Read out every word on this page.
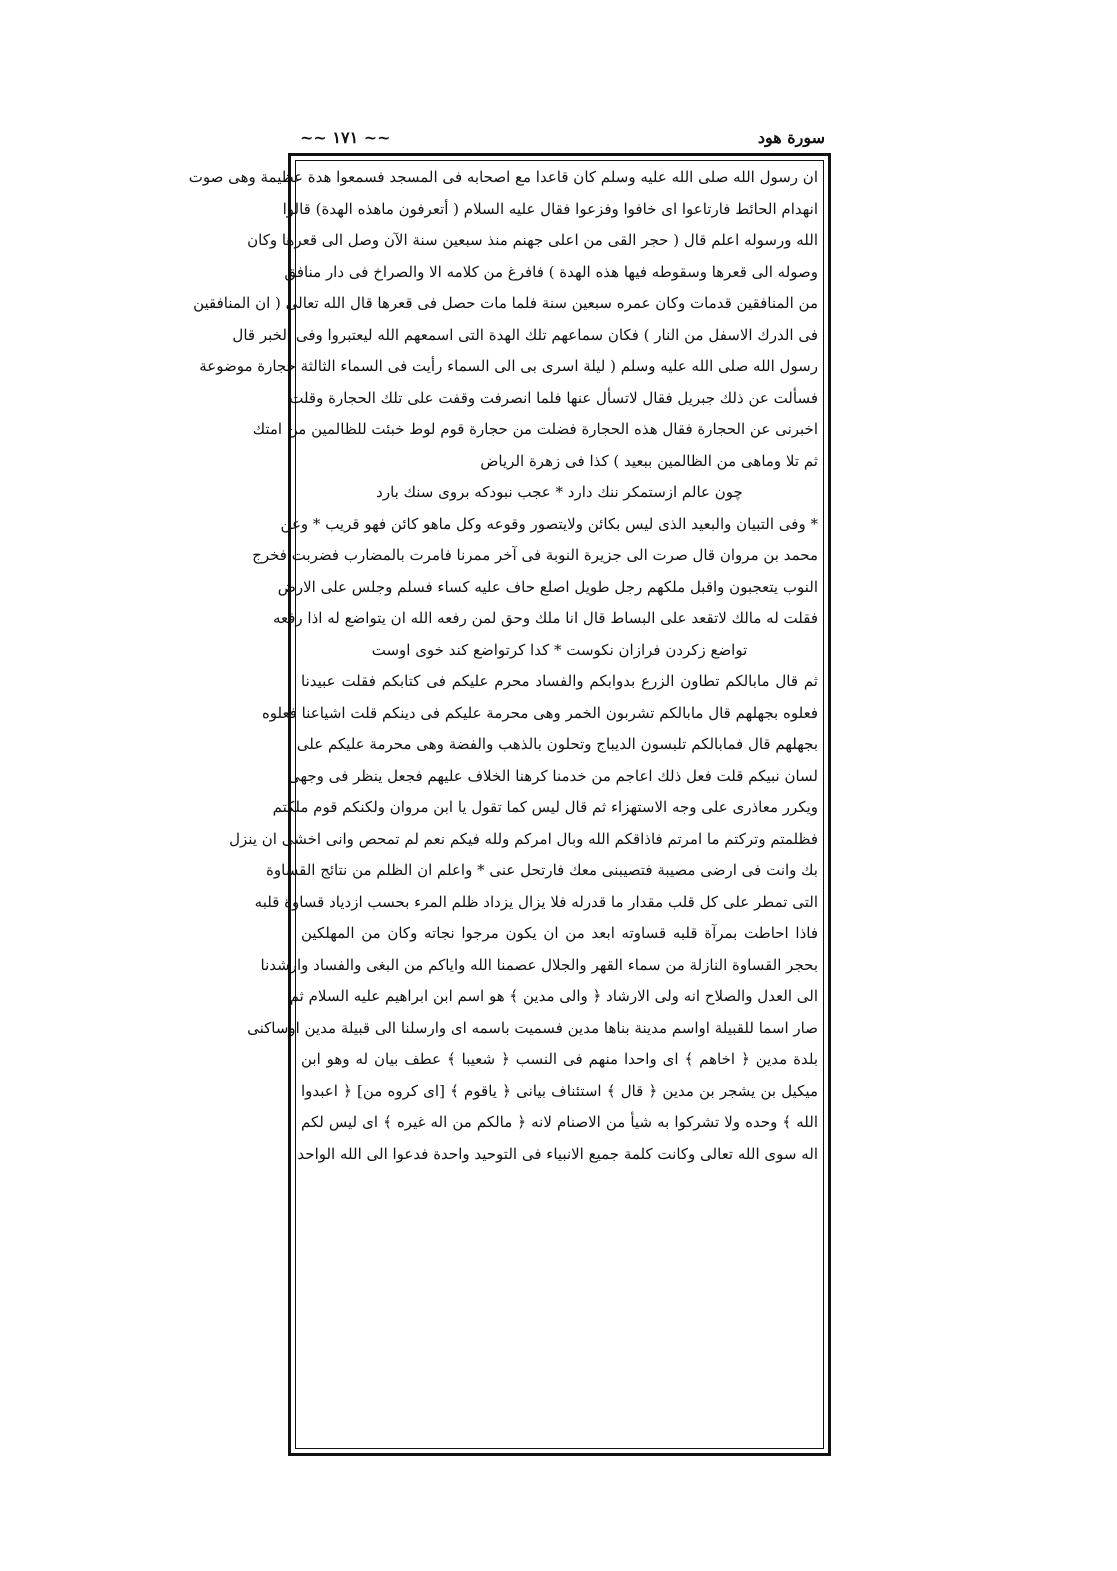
~~ ١٧١ ~~	سورة هود
ان رسول الله صلى الله عليه وسلم كان قاعدا مع اصحابه فى المسجد فسمعوا هدة عظيمة وهى صوت
انهدام الحائط فارتاعوا اى خافوا وفزعوا فقال عليه السلام ( أتعرفون ماهذه الهدة) قالوا
الله ورسوله اعلم قال ( حجر القى من اعلى جهنم منذ سبعين سنة الآن وصل الى قعرها وكان
وصوله الى قعرها وسقوطه فيها هذه الهدة ) فافرغ من كلامه الا والصراخ فى دار منافق
من المنافقين قدمات وكان عمره سبعين سنة فلما مات حصل فى قعرها قال الله تعالى ( ان المنافقين
فى الدرك الاسفل من النار ) فكان سماعهم تلك الهدة التى اسمعهم الله ليعتبروا وفى الخبر قال
رسول الله صلى الله عليه وسلم ( ليلة اسرى بى الى السماء رأيت فى السماء الثالثة حجارة موضوعة
فسألت عن ذلك جبريل فقال لاتسأل عنها فلما انصرفت وقفت على تلك الحجارة وقلت
اخبرنى عن الحجارة فقال هذه الحجارة فضلت من حجارة قوم لوط خبئت للظالمين من امتك
ثم تلا وماهى من الظالمين ببعيد ) كذا فى زهرة الرياض
چون عالم ازستمكر ننك دارد * عجب نبودكه بروى سنك بارد
* وفى التبيان والبعيد الذى ليس بكائن ولايتصور وقوعه وكل ماهو كائن فهو قريب * وعن
محمد بن مروان قال صرت الى جزيرة النوبة فى آخر ممرنا فامرت بالمضارب فضربت فخرج
النوب يتعجبون واقبل ملكهم رجل طويل اصلع حاف عليه كساء فسلم وجلس على الارض
فقلت له مالك لاتقعد على البساط قال انا ملك وحق لمن رفعه الله ان يتواضع له اذا رفعه
تواضع زكردن فرازان نكوست * كدا كرتواضع كند خوى اوست
ثم قال مابالكم تطاون الزرع بدوابكم والفساد محرم عليكم فى كتابكم فقلت عبيدنا
فعلوه بجهلهم قال مابالكم تشربون الخمر وهى محرمة عليكم فى دينكم قلت اشياعنا فعلوه
بجهلهم قال فمابالكم تلبسون الديباج وتحلون بالذهب والفضة وهى محرمة عليكم على
لسان نبيكم قلت فعل ذلك اعاجم من خدمنا كرهنا الخلاف عليهم فجعل ينظر فى وجهى
ويكرر معاذرى على وجه الاستهزاء ثم قال ليس كما تقول يا ابن مروان ولكنكم قوم ملكتم
فظلمتم وتركتم ما امرتم فاذاقكم الله وبال امركم ولله فيكم نعم لم تمحص وانى اخشى ان ينزل
بك وانت فى ارضى مصيبة فتصيبنى معك فارتحل عنى * واعلم ان الظلم من نتائج القساوة
التى تمطر على كل قلب مقدار ما قدرله فلا يزال يزداد ظلم المرء بحسب ازدياد قساوة قلبه
فاذا احاطت بمرآة قلبه قساوته ابعد من ان يكون مرجوا نجاته وكان من المهلكين
بحجر القساوة النازلة من سماء القهر والجلال عصمنا الله واياكم من البغى والفساد وارشدنا
الى العدل والصلاح انه ولى الارشاد ﴿ والى مدين ﴾ هو اسم ابن ابراهيم عليه السلام ثم
صار اسما للقبيلة اواسم مدينة بناها مدين فسميت باسمه اى وارسلنا الى قبيلة مدين اوساكنى
بلدة مدين ﴿ اخاهم ﴾ اى واحدا منهم فى النسب ﴿ شعيبا ﴾ عطف بيان له وهو ابن
ميكيل بن يشجر بن مدين ﴿ قال ﴾ استئناف بيانى ﴿ ياقوم ﴾ [اى كروه من] ﴿ اعبدوا
الله ﴾ وحده ولا تشركوا به شيأ من الاصنام لانه ﴿ مالكم من اله غيره ﴾ اى ليس لكم
اله سوى الله تعالى وكانت كلمة جميع الانبياء فى التوحيد واحدة فدعوا الى الله الواحد
